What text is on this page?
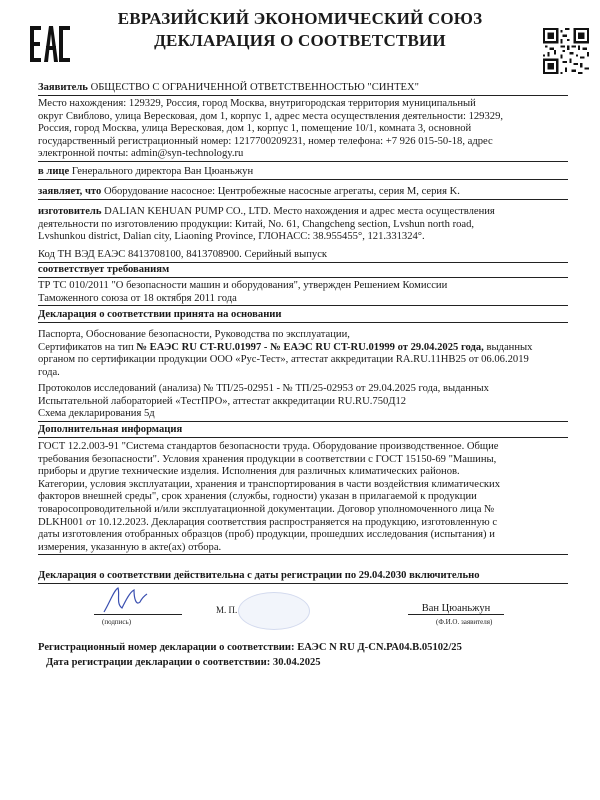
ЕВРАЗИЙСКИЙ ЭКОНОМИЧЕСКИЙ СОЮЗ
ДЕКЛАРАЦИЯ О СООТВЕТСТВИИ
Заявитель ОБЩЕСТВО С ОГРАНИЧЕННОЙ ОТВЕТСТВЕННОСТЬЮ "СИНТЕХ"
Место нахождения: 129329, Россия, город Москва, внутригородская территория муниципальный
округ Свиблово, улица Вересковая, дом 1, корпус 1, адрес места осуществления деятельности: 129329,
Россия, город Москва, улица Вересковая, дом 1, корпус 1, помещение 10/1, комната 3, основной
государственный регистрационный номер: 1217700209231, номер телефона: +7 926 015-50-18, адрес
электронной почты: admin@syn-technology.ru
в лице Генерального директора Ван Цюаньжун
заявляет, что Оборудование насосное: Центробежные насосные агрегаты, серия M, серия K.
изготовитель DALIAN KEHUAN PUMP CO., LTD. Место нахождения и адрес места осуществления
деятельности по изготовлению продукции: Китай, No. 61, Changcheng section, Lvshun north road,
Lvshunkou district, Dalian city, Liaoning Province, ГЛОНАСС: 38.955455°, 121.331324°.
Код ТН ВЭД ЕАЭС 8413708100, 8413708900. Серийный выпуск
соответствует требованиям
ТР ТС 010/2011 "О безопасности машин и оборудования", утвержден Решением Комиссии
Таможенного союза от 18 октября 2011 года
Декларация о соответствии принята на основании
Паспорта, Обоснование безопасности, Руководства по эксплуатации,
Сертификатов на тип № ЕАЭС RU CT-RU.01997 - № ЕАЭС RU CT-RU.01999 от 29.04.2025 года, выданных
органом по сертификации продукции ООО «Рус-Тест», аттестат аккредитации RA.RU.11НВ25 от 06.06.2019
года.
Протоколов исследований (анализа) № ТП/25-02951 - № ТП/25-02953 от 29.04.2025 года, выданных
Испытательной лабораторией «ТестПРО», аттестат аккредитации RU.RU.750Д12
Схема декларирования 5д
Дополнительная информация
ГОСТ 12.2.003-91 "Система стандартов безопасности труда. Оборудование производственное. Общие
требования безопасности". Условия хранения продукции в соответствии с ГОСТ 15150-69 "Машины,
приборы и другие технические изделия. Исполнения для различных климатических районов.
Категории, условия эксплуатации, хранения и транспортирования в части воздействия климатических
факторов внешней среды", срок хранения (службы, годности) указан в прилагаемой к продукции
товаросопроводительной и/или эксплуатационной документации. Договор уполномоченного лица №
DLKH001 от 10.12.2023. Декларация соответствия распространяется на продукцию, изготовленную с
даты изготовления отобранных образцов (проб) продукции, прошедших исследования (испытания) и
измерения, указанную в акте(ах) отбора.
Декларация о соответствии действительна с даты регистрации по 29.04.2030 включительно
(подпись)
М. П.	Ван Цюаньжун
(Ф.И.О. заявителя)
Регистрационный номер декларации о соответствии: ЕАЭС N RU Д-CN.РА04.В.05102/25
Дата регистрации декларации о соответствии: 30.04.2025
